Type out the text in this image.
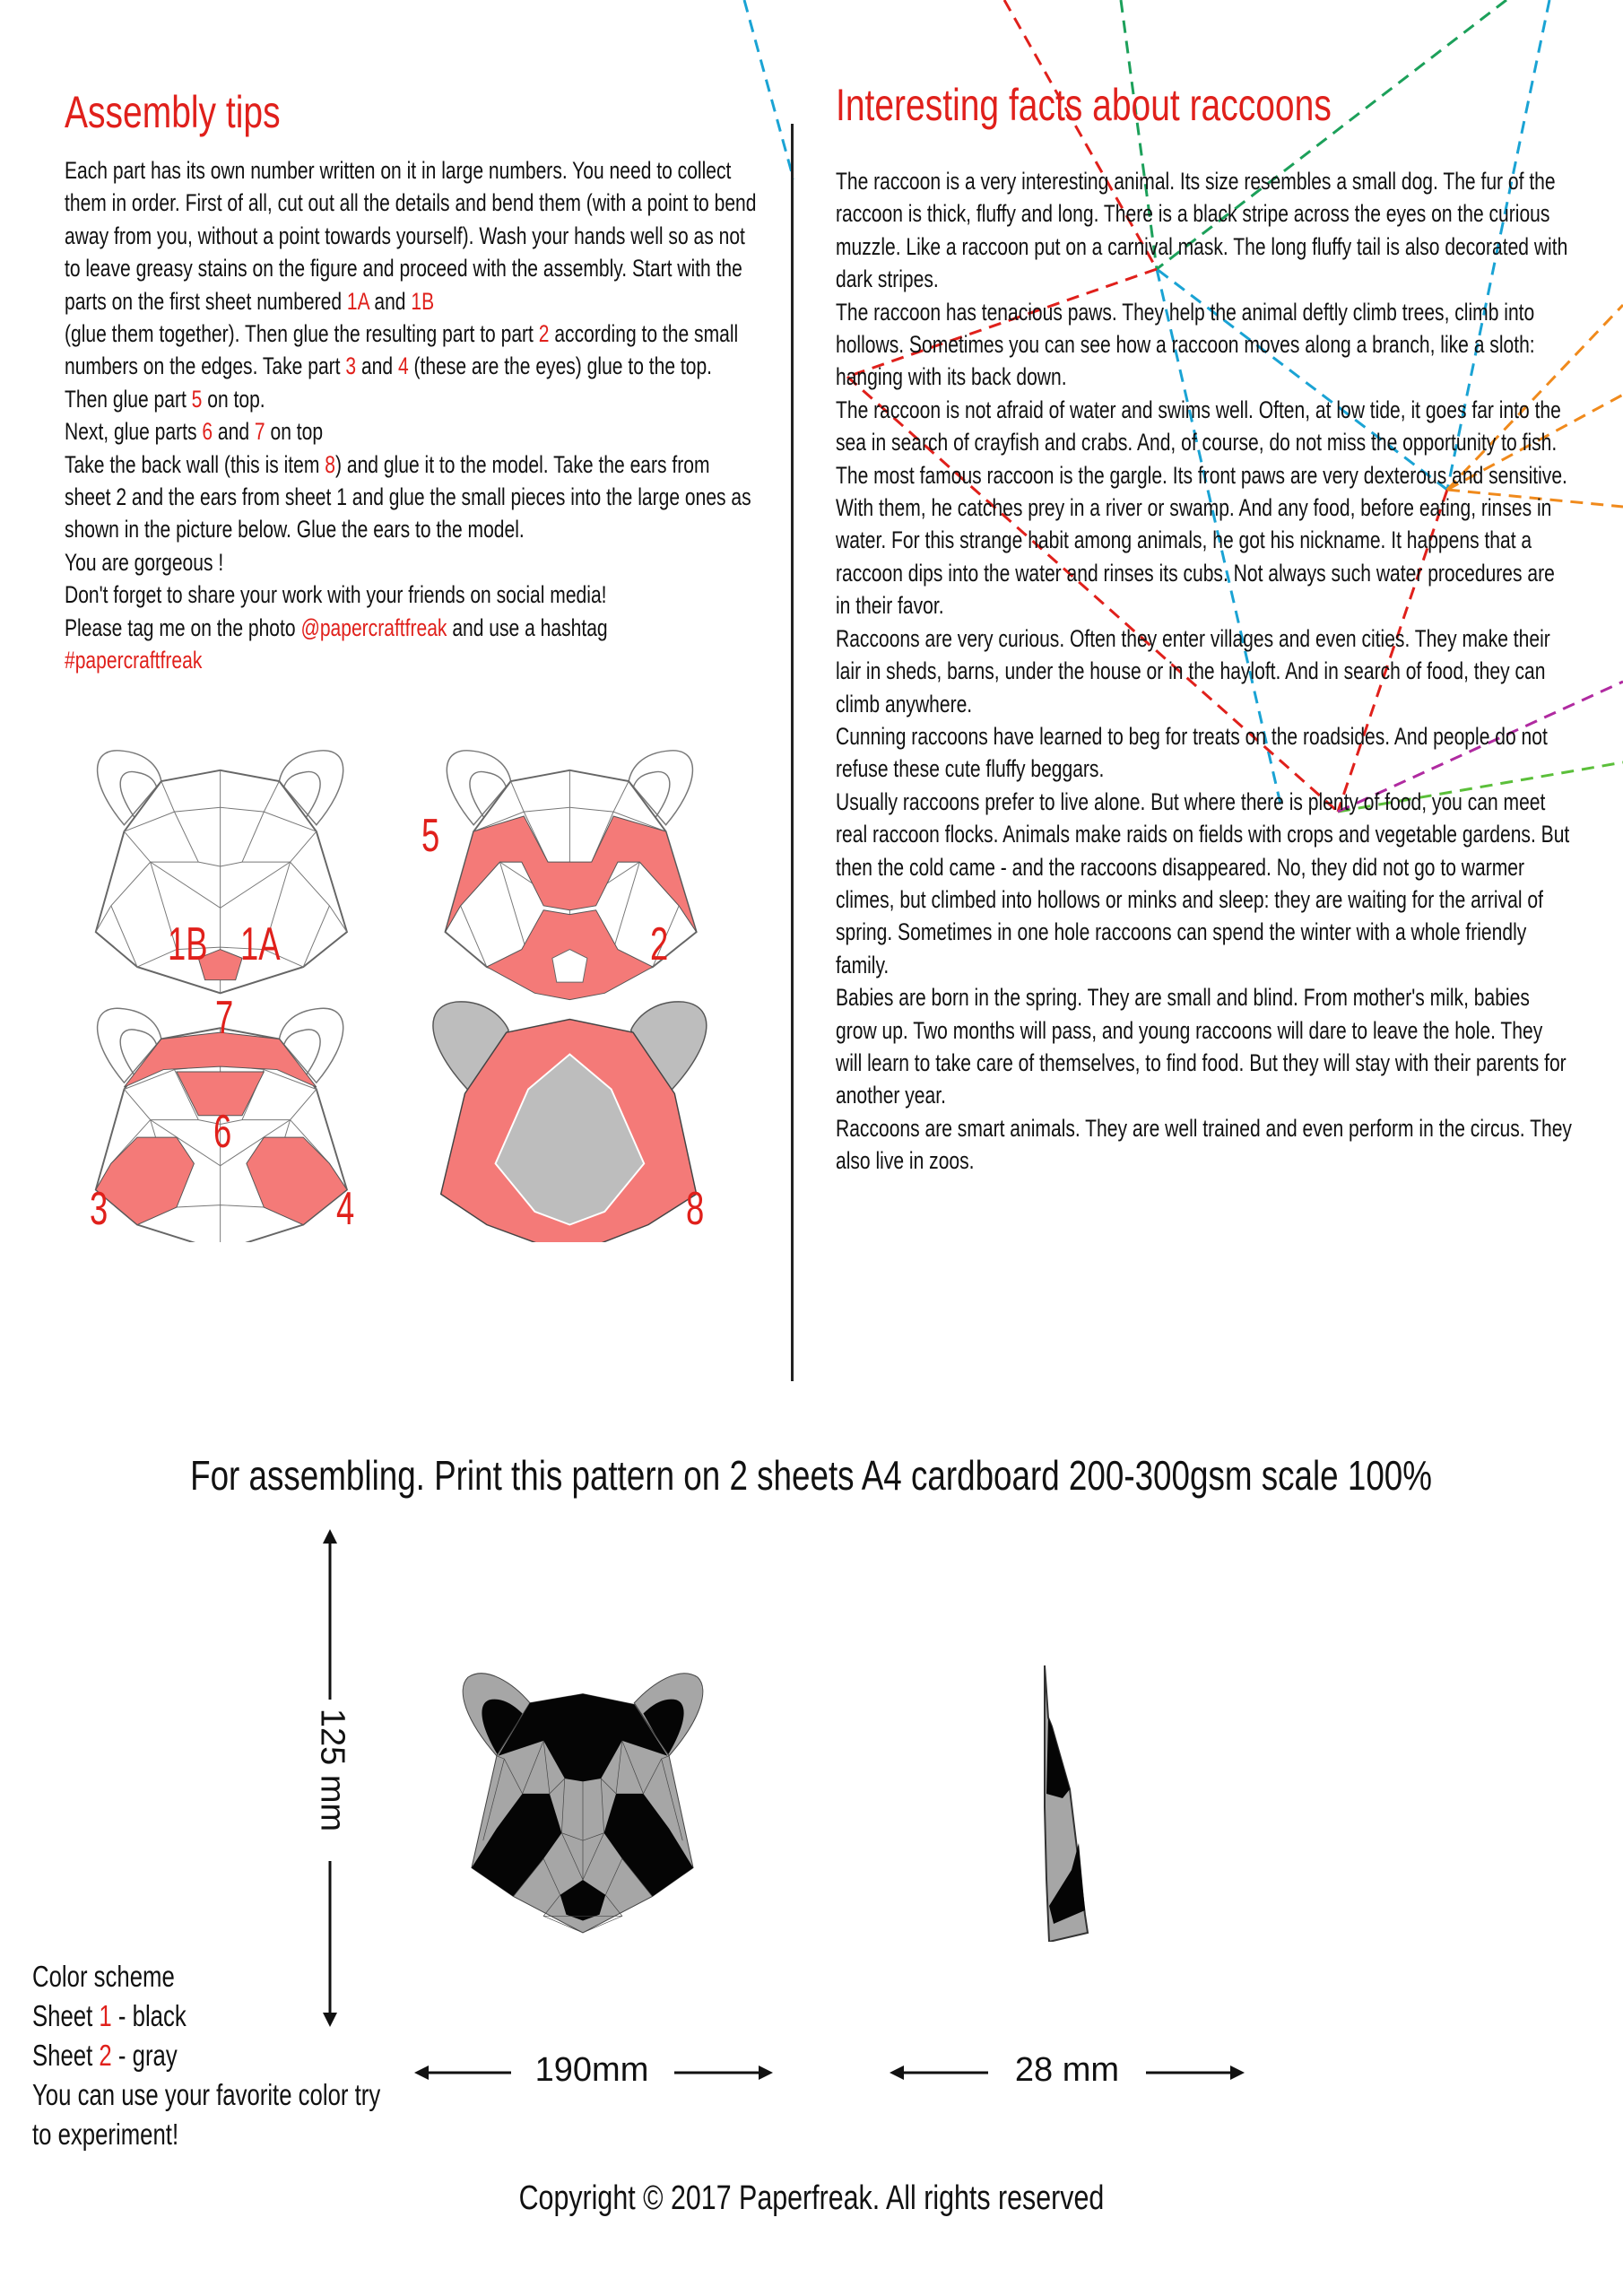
Assembly tips

Each part has its own number written on it in large numbers. You need to collect them in order. First of all, cut out all the details and bend them (with a point to bend away from you, without a point towards yourself). Wash your hands well so as not to leave greasy stains on the figure and proceed with the assembly. Start with the parts on the first sheet numbered 1A and 1B

(glue them together). Then glue the resulting part to part 2 according to the small numbers on the edges. Take part 3 and 4 (these are the eyes) glue to the top.

Then glue part 5 on top.

Next, glue parts 6 and 7 on top

Take the back wall (this is item 8) and glue it to the model. Take the ears from sheet 2 and the ears from sheet 1 and glue the small pieces into the large ones as shown in the picture below. Glue the ears to the model.

You are gorgeous !

Don't forget to share your work with your friends on social media!

Please tag me on the photo @papercraftfreak and use a hashtag

#papercraftfreak

Interesting facts about raccoons

The raccoon is a very interesting animal. Its size resembles a small dog. The fur of the raccoon is thick, fluffy and long. There is a black stripe across the eyes on the curious muzzle. Like a raccoon put on a carnival mask. The long fluffy tail is also decorated with dark stripes.

The raccoon has tenacious paws. They help the animal deftly climb trees, climb into hollows. Sometimes you can see how a raccoon moves along a branch, like a sloth: hanging with its back down.

The raccoon is not afraid of water and swims well. Often, at low tide, it goes far into the sea in search of crayfish and crabs. And, of course, do not miss the opportunity to fish.

The most famous raccoon is the gargle. Its front paws are very dexterous and sensitive. With them, he catches prey in a river or swamp. And any food, before eating, rinses in water. For this strange habit among animals, he got his nickname. It happens that a raccoon dips into the water and rinses its cubs. Not always such water procedures are in their favor.

Raccoons are very curious. Often they enter villages and even cities. They make their lair in sheds, barns, under the house or in the hayloft. And in search of food, they can climb anywhere.

Cunning raccoons have learned to beg for treats on the roadsides. And people do not refuse these cute fluffy beggars.

Usually raccoons prefer to live alone. But where there is plenty of food, you can meet real raccoon flocks. Animals make raids on fields with crops and vegetable gardens. But then the cold came - and the raccoons disappeared. No, they did not go to warmer climes, but climbed into hollows or minks and sleep: they are waiting for the arrival of spring. Sometimes in one hole raccoons can spend the winter with a whole friendly family.

Babies are born in the spring. They are small and blind. From mother's milk, babies grow up. Two months will pass, and young raccoons will dare to leave the hole. They will learn to take care of themselves, to find food. But they will stay with their parents for another year.

Raccoons are smart animals. They are well trained and even perform in the circus. They also live in zoos.

1B 1A	2
5
7
6
3	4	8
For assembling. Print this pattern on 2 sheets A4 cardboard 200-300gsm scale 100%
125 mm
190mm	28 mm
Color scheme
Sheet 1 - black
Sheet 2 - gray
You can use your favorite color try to experiment!
Copyright © 2017 Paperfreak. All rights reserved
